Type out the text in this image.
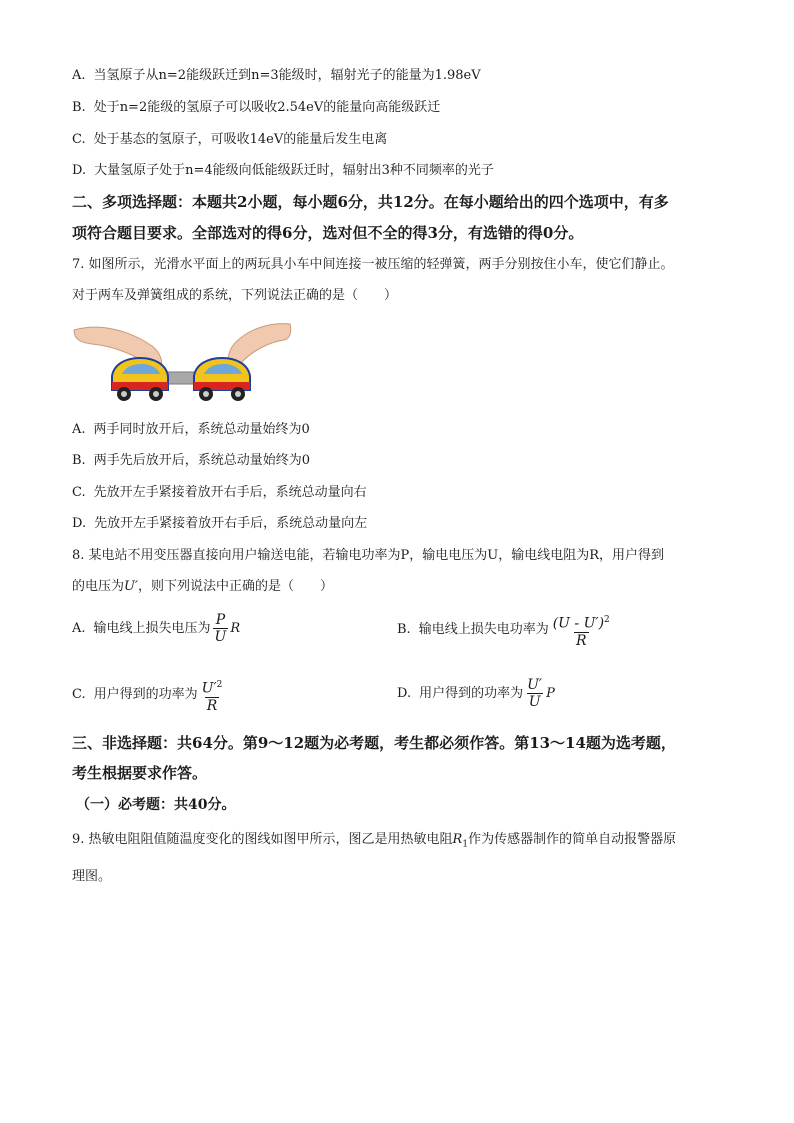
A. 当氢原子从n=2能级跃迁到n=3能级时，辐射光子的能量为1.98eV
B. 处于n=2能级的氢原子可以吸收2.54eV的能量向高能级跃迁
C. 处于基态的氢原子，可吸收14eV的能量后发生电离
D. 大量氢原子处于n=4能级向低能级跃迁时，辐射出3种不同频率的光子
二、多项选择题：本题共2小题，每小题6分，共12分。在每小题给出的四个选项中，有多
项符合题目要求。全部选对的得6分，选对但不全的得3分，有选错的得0分。
7. 如图所示，光滑水平面上的两玩具小车中间连接一被压缩的轻弹簧，两手分别按住小车，使它们静止。
对于两车及弹簧组成的系统，下列说法正确的是（　　）
A. 两手同时放开后，系统总动量始终为0
B. 两手先后放开后，系统总动量始终为0
C. 先放开左手紧接着放开右手后，系统总动量向右
D. 先放开左手紧接着放开右手后，系统总动量向左
8. 某电站不用变压器直接向用户输送电能，若输电功率为P，输电电压为U，输电线电阻为R，用户得到
的电压为U′，则下列说法中正确的是（　　）
A. 输电线上损失电压为 $\frac{P}{U}$ R	B. 输电线上损失电功率为 $\frac{(U - U')^2}{R}$
C. 用户得到的功率为 $\frac{U'^2}{R}$	D. 用户得到的功率为 $\frac{U'}{U}$ P
三、非选择题：共64分。第9～12题为必考题，考生都必须作答。第13～14题为选考题，
考生根据要求作答。
（一）必考题：共40分。
9. 热敏电阻阻值随温度变化的图线如图甲所示，图乙是用热敏电阻$R_1$作为传感器制作的简单自动报警器原
理图。
